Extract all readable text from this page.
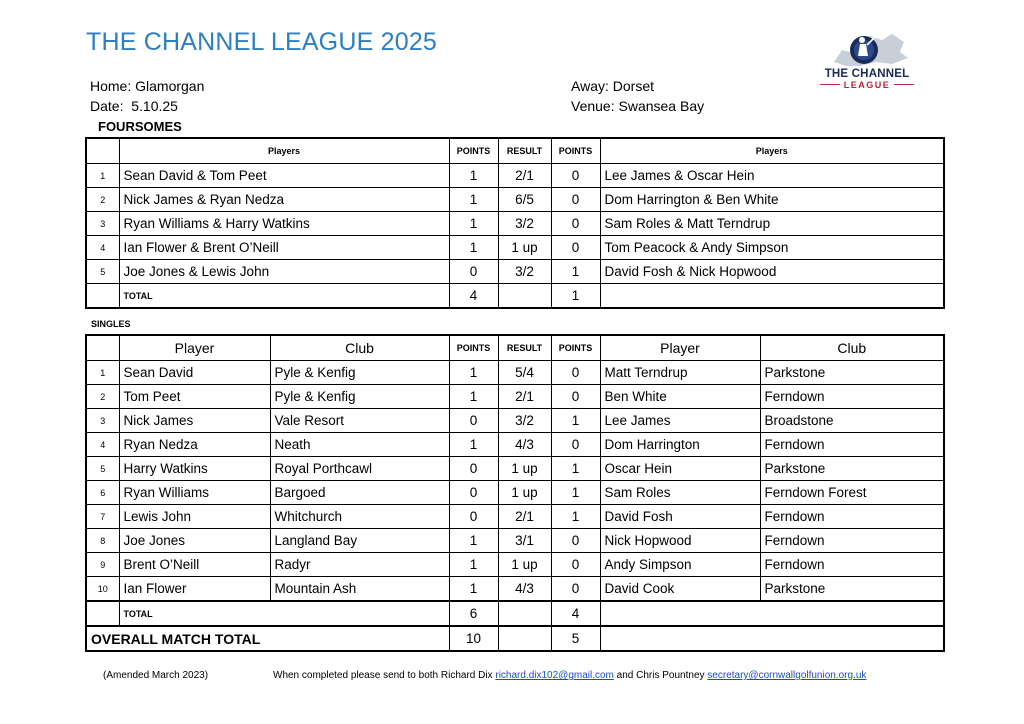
THE CHANNEL LEAGUE 2025
THE CHANNEL
LEAGUE
Home: Glamorgan
Date: 5.10.25
Away: Dorset
Venue: Swansea Bay
FOURSOMES
	Players	POINTS	RESULT	POINTS	Players
1	Sean David & Tom Peet	1	2/1	0	Lee James & Oscar Hein
2	Nick James & Ryan Nedza	1	6/5	0	Dom Harrington & Ben White
3	Ryan Williams & Harry Watkins	1	3/2	0	Sam Roles & Matt Terndrup
4	Ian Flower & Brent O’Neill	1	1 up	0	Tom Peacock & Andy Simpson
5	Joe Jones & Lewis John	0	3/2	1	David Fosh & Nick Hopwood
	TOTAL	4		1	
SINGLES
	Player	Club	POINTS	RESULT	POINTS	Player	Club
1	Sean David	Pyle & Kenfig	1	5/4	0	Matt Terndrup	Parkstone
2	Tom Peet	Pyle & Kenfig	1	2/1	0	Ben White	Ferndown
3	Nick James	Vale Resort	0	3/2	1	Lee James	Broadstone
4	Ryan Nedza	Neath	1	4/3	0	Dom Harrington	Ferndown
5	Harry Watkins	Royal Porthcawl	0	1 up	1	Oscar Hein	Parkstone
6	Ryan Williams	Bargoed	0	1 up	1	Sam Roles	Ferndown Forest
7	Lewis John	Whitchurch	0	2/1	1	David Fosh	Ferndown
8	Joe Jones	Langland Bay	1	3/1	0	Nick Hopwood	Ferndown
9	Brent O’Neill	Radyr	1	1 up	0	Andy Simpson	Ferndown
10	Ian Flower	Mountain Ash	1	4/3	0	David Cook	Parkstone
	TOTAL		6		4		
OVERALL MATCH TOTAL			10		5		
(Amended March 2023)	When completed please send to both Richard Dix richard.dix102@gmail.com and Chris Pountney secretary@cornwallgolfunion.org.uk
